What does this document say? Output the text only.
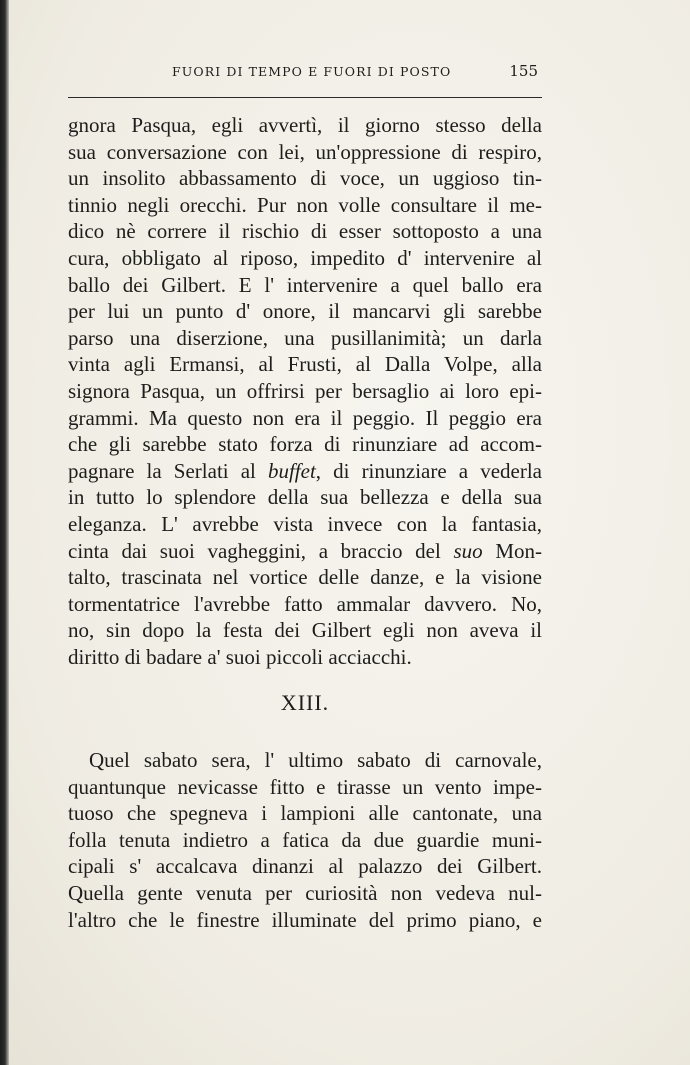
FUORI DI TEMPO E FUORI DI POSTO	155
gnora Pasqua, egli avvertì, il giorno stesso della
sua conversazione con lei, un'oppressione di respiro,
un insolito abbassamento di voce, un uggioso tin-
tinnio negli orecchi. Pur non volle consultare il me-
dico nè correre il rischio di esser sottoposto a una
cura, obbligato al riposo, impedito d' intervenire al
ballo dei Gilbert. E l' intervenire a quel ballo era
per lui un punto d' onore, il mancarvi gli sarebbe
parso una diserzione, una pusillanimità; un darla
vinta agli Ermansi, al Frusti, al Dalla Volpe, alla
signora Pasqua, un offrirsi per bersaglio ai loro epi-
grammi. Ma questo non era il peggio. Il peggio era
che gli sarebbe stato forza di rinunziare ad accom-
pagnare la Serlati al buffet, di rinunziare a vederla
in tutto lo splendore della sua bellezza e della sua
eleganza. L' avrebbe vista invece con la fantasia,
cinta dai suoi vagheggini, a braccio del suo Mon-
talto, trascinata nel vortice delle danze, e la visione
tormentatrice l'avrebbe fatto ammalar davvero. No,
no, sin dopo la festa dei Gilbert egli non aveva il
diritto di badare a' suoi piccoli acciacchi.
XIII.
Quel sabato sera, l' ultimo sabato di carnovale,
quantunque nevicasse fitto e tirasse un vento impe-
tuoso che spegneva i lampioni alle cantonate, una
folla tenuta indietro a fatica da due guardie muni-
cipali s' accalcava dinanzi al palazzo dei Gilbert.
Quella gente venuta per curiosità non vedeva nul-
l'altro che le finestre illuminate del primo piano, e
